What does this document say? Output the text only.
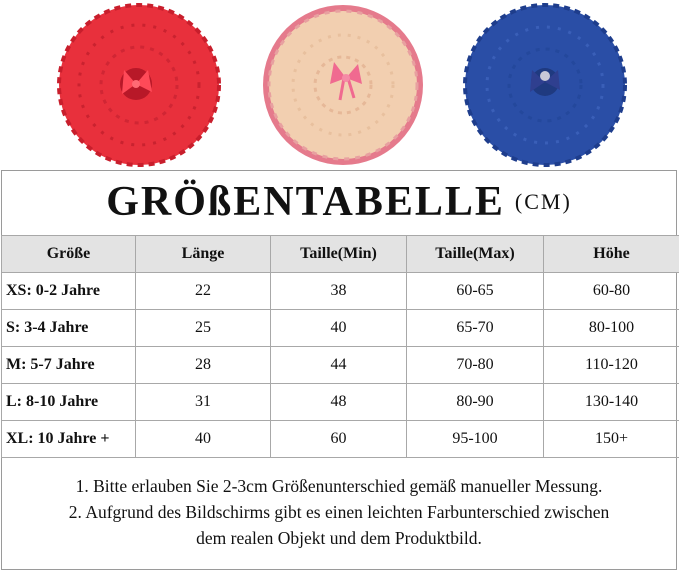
GRÖßENTABELLE (CM)
Größe	Länge	Taille(Min)	Taille(Max)	Höhe
XS: 0-2 Jahre	22	38	60-65	60-80
S: 3-4 Jahre	25	40	65-70	80-100
M: 5-7 Jahre	28	44	70-80	110-120
L: 8-10 Jahre	31	48	80-90	130-140
XL: 10 Jahre +	40	60	95-100	150+

1. Bitte erlauben Sie 2-3cm Größenunterschied gemäß manueller Messung.

2. Aufgrund des Bildschirms gibt es einen leichten Farbunterschied zwischen

dem realen Objekt und dem Produktbild.
